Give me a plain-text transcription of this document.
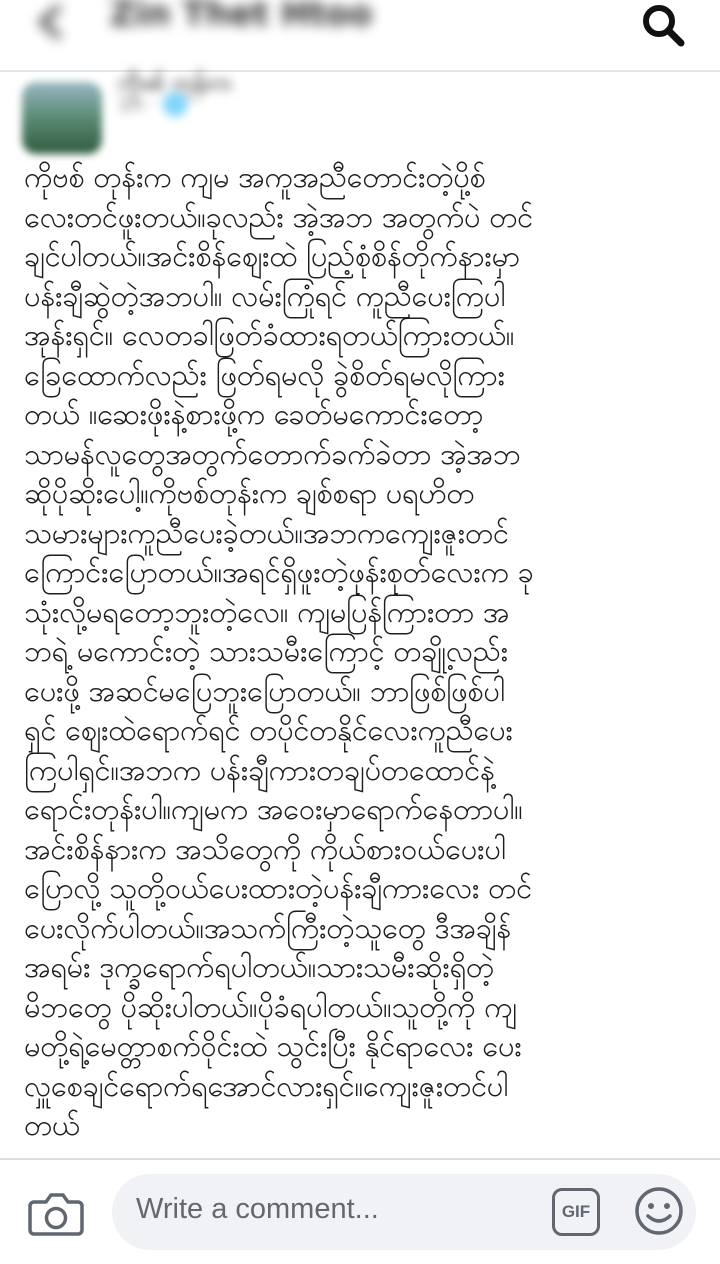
Zin Thet Htoo
ကိုဖစ် တုန်းက
1h · 🌐
ကိုဗစ် တုန်းက ကျမ အကူအညီတောင်းတဲ့ပို့စ်
လေးတင်ဖူးတယ်။ခုလည်း အဲ့အဘ အတွက်ပဲ တင်
ချင်ပါတယ်။အင်းစိန်ဈေးထဲ ပြည့်စုံစိန်တိုက်နားမှာ
ပန်းချီဆွဲတဲ့အဘပါ။ လမ်းကြုံရင် ကူညီပေးကြပါ
အုန်းရှင်။ လေတခါဖြတ်ခံထားရတယ်ကြားတယ်။
ခြေထောက်လည်း ဖြတ်ရမလို ခွဲစိတ်ရမလိုကြား
တယ် ။ဆေးဖိုးနဲ့စားဖို့က ခေတ်မကောင်းတော့
သာမန်လူတွေအတွက်တောက်ခက်ခဲတာ အဲ့အဘ
ဆိုပိုဆိုးပေါ့။ကိုဗစ်တုန်းက ချစ်စရာ ပရဟိတ
သမားများကူညီပေးခဲ့တယ်။အဘကကျေးဇူးတင်
ကြောင်းပြောတယ်။အရင်ရှိဖူးတဲ့ဖုန်းစုတ်လေးက ခု
သုံးလို့မရတော့ဘူးတဲ့လေ။ ကျမပြန်ကြားတာ အ
ဘရဲ့ မကောင်းတဲ့ သားသမီးကြောင့် တချို့လည်း
ပေးဖို့ အဆင်မပြေဘူးပြောတယ်။ ဘာဖြစ်ဖြစ်ပါ
ရှင် ဈေးထဲရောက်ရင် တပိုင်တနိုင်လေးကူညီပေး
ကြပါရှင်။အဘက ပန်းချီကားတချပ်တထောင်နဲ့
ရောင်းတုန်းပါ။ကျမက အဝေးမှာရောက်နေတာပါ။
အင်းစိန်နားက အသိတွေကို ကိုယ်စားဝယ်ပေးပါ
ပြောလို့ သူတို့ဝယ်ပေးထားတဲ့ပန်းချီကားလေး တင်
ပေးလိုက်ပါတယ်။အသက်ကြီးတဲ့သူတွေ ဒီအချိန်
အရမ်း ဒုက္ခရောက်ရပါတယ်။သားသမီးဆိုးရှိတဲ့
မိဘတွေ ပိုဆိုးပါတယ်။ပိုခံရပါတယ်။သူတို့ကို ကျ
မတို့ရဲ့မေတ္တာစက်ဝိုင်းထဲ သွင်းပြီး နိုင်ရာလေး ပေး
လှူစေချင်ရောက်ရအောင်လားရှင်။ကျေးဇူးတင်ပါ
တယ်
Write a comment...	GIF
